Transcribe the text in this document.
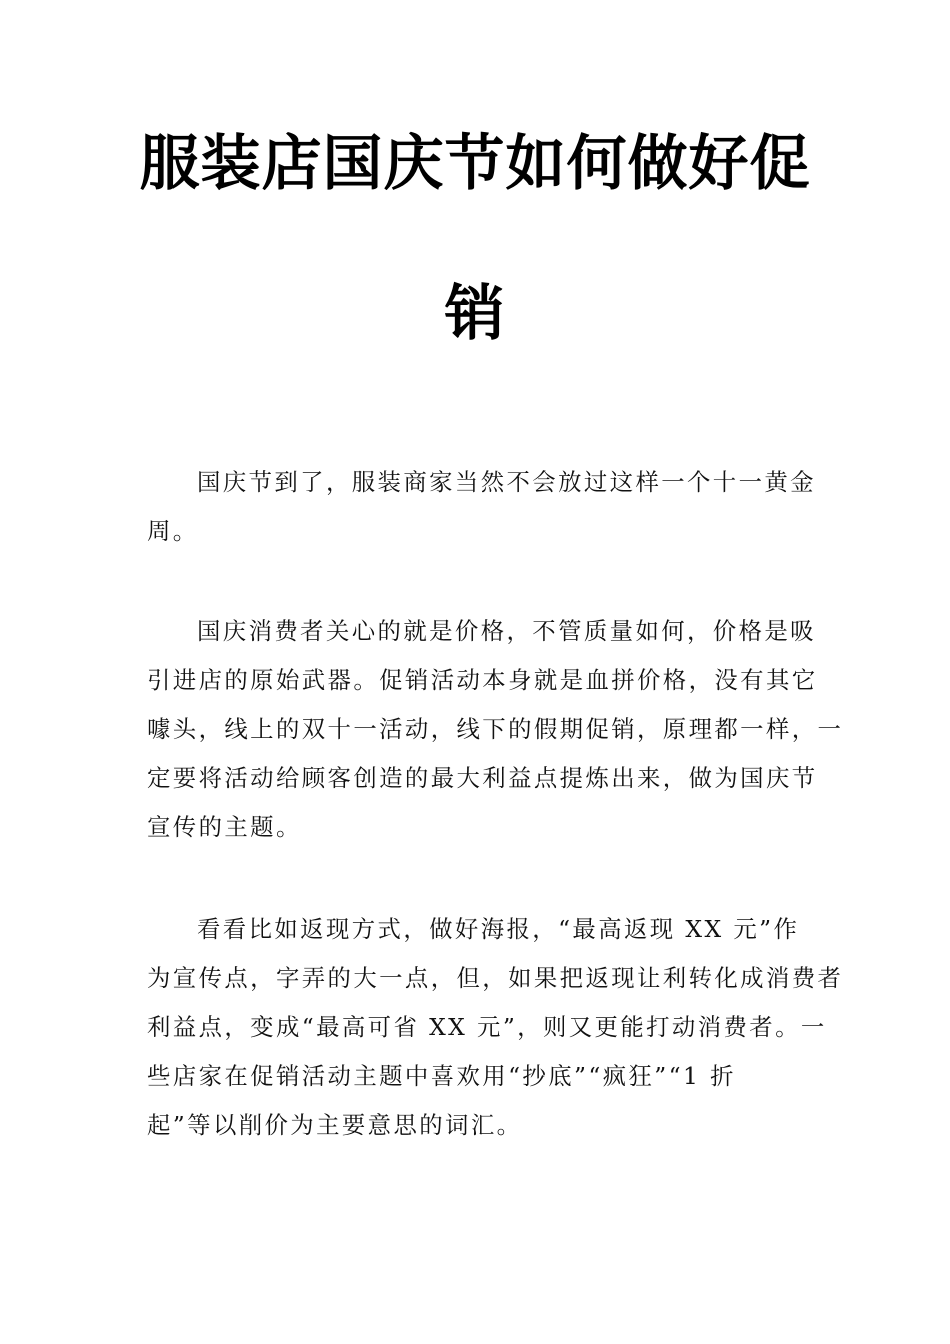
服装店国庆节如何做好促
销
国庆节到了，服装商家当然不会放过这样一个十一黄金
周。
国庆消费者关心的就是价格，不管质量如何，价格是吸
引进店的原始武器。促销活动本身就是血拼价格，没有其它
噱头，线上的双十一活动，线下的假期促销，原理都一样，一
定要将活动给顾客创造的最大利益点提炼出来，做为国庆节
宣传的主题。
看看比如返现方式，做好海报，“最高返现 XX 元”作
为宣传点，字弄的大一点，但，如果把返现让利转化成消费者
利益点，变成“最高可省 XX 元”，则又更能打动消费者。一
些店家在促销活动主题中喜欢用“抄底”“疯狂”“1 折
起”等以削价为主要意思的词汇。
